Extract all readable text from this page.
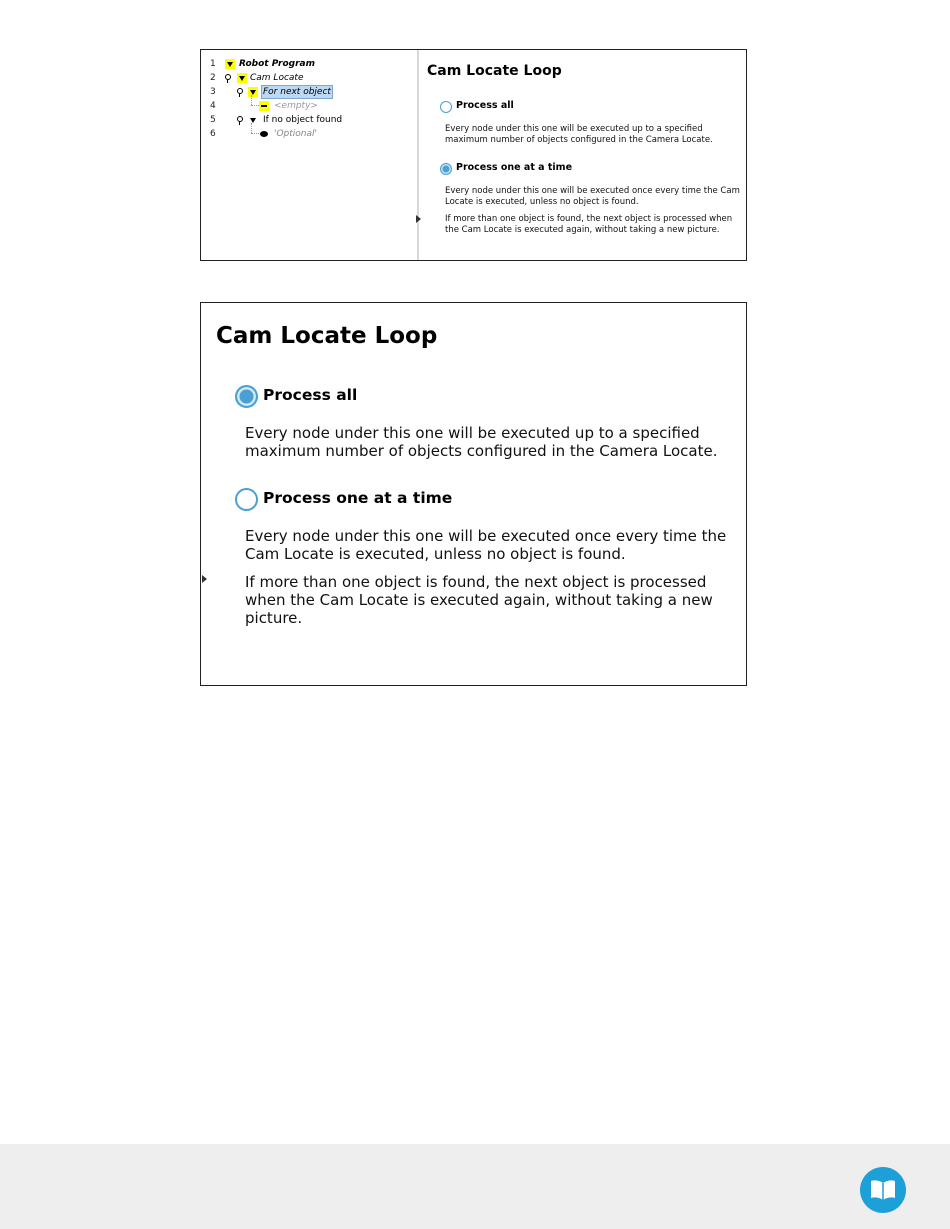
1	Robot Program
2	Cam Locate
3	For next object
4	<empty>
5	If no object found
6	'Optional'
Cam Locate Loop
Process all
Every node under this one will be executed up to a specified maximum number of objects configured in the Camera Locate.
Process one at a time
Every node under this one will be executed once every time the Cam Locate is executed, unless no object is found.
If more than one object is found, the next object is processed when the Cam Locate is executed again, without taking a new picture.
Cam Locate Loop
Process all
Every node under this one will be executed up to a specified maximum number of objects configured in the Camera Locate.
Process one at a time
Every node under this one will be executed once every time the Cam Locate is executed, unless no object is found.
If more than one object is found, the next object is processed when the Cam Locate is executed again, without taking a new picture.
